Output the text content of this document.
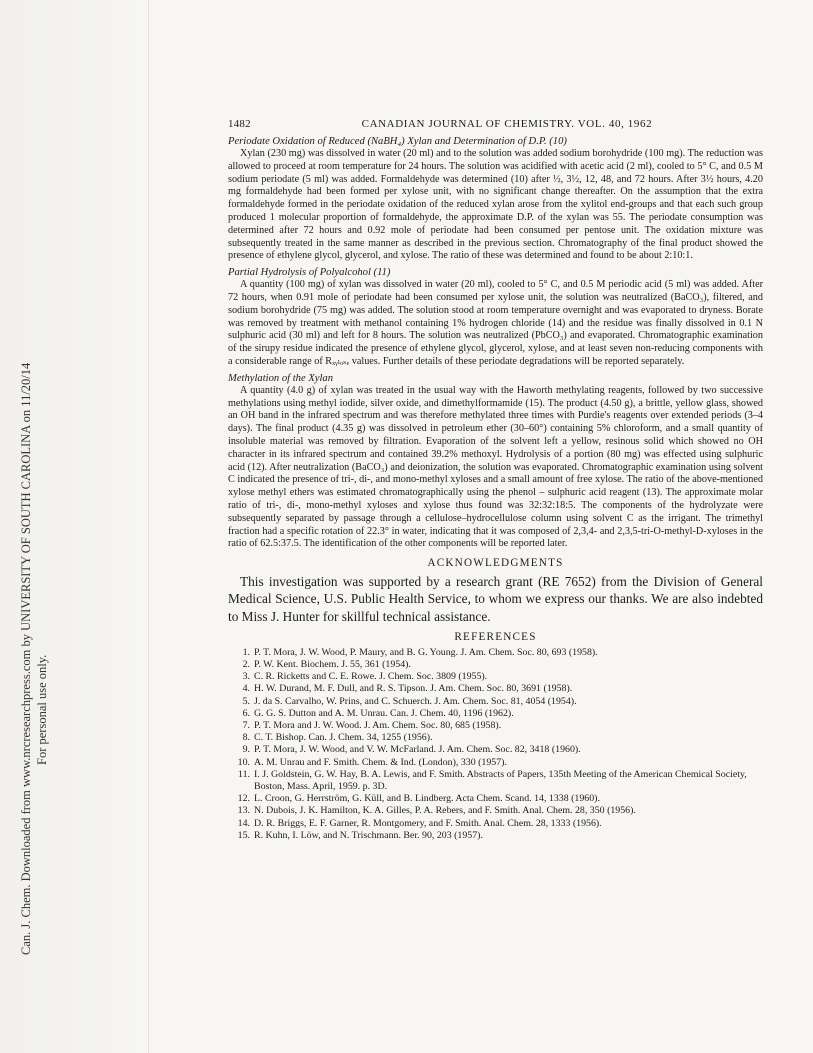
Can. J. Chem. Downloaded from www.nrcresearchpress.com by UNIVERSITY OF SOUTH CAROLINA on 11/20/14 For personal use only.
1482	CANADIAN JOURNAL OF CHEMISTRY. VOL. 40, 1962

Periodate Oxidation of Reduced (NaBH₄) Xylan and Determination of D.P. (10)

Xylan (230 mg) was dissolved in water (20 ml) and to the solution was added sodium borohydride (100 mg). The reduction was allowed to proceed at room temperature for 24 hours. The solution was acidified with acetic acid (2 ml), cooled to 5° C, and 0.5 M sodium periodate (5 ml) was added. Formaldehyde was determined (10) after ½, 3½, 12, 48, and 72 hours. After 3½ hours, 4.20 mg formaldehyde had been formed per xylose unit, with no significant change thereafter. On the assumption that the extra formaldehyde formed in the periodate oxidation of the reduced xylan arose from the xylitol end-groups and that each such group produced 1 molecular proportion of formaldehyde, the approximate D.P. of the xylan was 55. The periodate consumption was determined after 72 hours and 0.92 mole of periodate had been consumed per pentose unit. The oxidation mixture was subsequently treated in the same manner as described in the previous section. Chromatography of the final product showed the presence of ethylene glycol, glycerol, and xylose. The ratio of these was determined and found to be about 2:10:1.

Partial Hydrolysis of Polyalcohol (11)

A quantity (100 mg) of xylan was dissolved in water (20 ml), cooled to 5° C, and 0.5 M periodic acid (5 ml) was added. After 72 hours, when 0.91 mole of periodate had been consumed per xylose unit, the solution was neutralized (BaCO₃), filtered, and sodium borohydride (75 mg) was added. The solution stood at room temperature overnight and was evaporated to dryness. Borate was removed by treatment with methanol containing 1% hydrogen chloride (14) and the residue was finally dissolved in 0.1 N sulphuric acid (30 ml) and left for 8 hours. The solution was neutralized (PbCO₃) and evaporated. Chromatographic examination of the sirupy residue indicated the presence of ethylene glycol, glycerol, xylose, and at least seven non-reducing components with a considerable range of Rₓᵧₗₒₛₑ values. Further details of these periodate degradations will be reported separately.

Methylation of the Xylan

A quantity (4.0 g) of xylan was treated in the usual way with the Haworth methylating reagents, followed by two successive methylations using methyl iodide, silver oxide, and dimethylformamide (15). The product (4.50 g), a brittle, yellow glass, showed an OH band in the infrared spectrum and was therefore methylated three times with Purdie's reagents over extended periods (3–4 days). The final product (4.35 g) was dissolved in petroleum ether (30–60°) containing 5% chloroform, and a small quantity of insoluble material was removed by filtration. Evaporation of the solvent left a yellow, resinous solid which showed no OH character in its infrared spectrum and contained 39.2% methoxyl. Hydrolysis of a portion (80 mg) was effected using sulphuric acid (12). After neutralization (BaCO₃) and deionization, the solution was evaporated. Chromatographic examination using solvent C indicated the presence of tri-, di-, and mono-methyl xyloses and a small amount of free xylose. The ratio of the above-mentioned xylose methyl ethers was estimated chromatographically using the phenol – sulphuric acid reagent (13). The approximate molar ratio of tri-, di-, mono-methyl xyloses and xylose thus found was 32:32:18:5. The components of the hydrolyzate were subsequently separated by passage through a cellulose–hydrocellulose column using solvent C as the irrigant. The trimethyl fraction had a specific rotation of 22.3° in water, indicating that it was composed of 2,3,4- and 2,3,5-tri-O-methyl-D-xyloses in the ratio of 62.5:37.5. The identification of the other components will be reported later.

ACKNOWLEDGMENTS

This investigation was supported by a research grant (RE 7652) from the Division of General Medical Science, U.S. Public Health Service, to whom we express our thanks. We are also indebted to Miss J. Hunter for skillful technical assistance.

REFERENCES
1. P. T. Mora, J. W. Wood, P. Maury, and B. G. Young. J. Am. Chem. Soc. 80, 693 (1958).
2. P. W. Kent. Biochem. J. 55, 361 (1954).
3. C. R. Ricketts and C. E. Rowe. J. Chem. Soc. 3809 (1955).
4. H. W. Durand, M. F. Dull, and R. S. Tipson. J. Am. Chem. Soc. 80, 3691 (1958).
5. J. da S. Carvalho, W. Prins, and C. Schuerch. J. Am. Chem. Soc. 81, 4054 (1954).
6. G. G. S. Dutton and A. M. Unrau. Can. J. Chem. 40, 1196 (1962).
7. P. T. Mora and J. W. Wood. J. Am. Chem. Soc. 80, 685 (1958).
8. C. T. Bishop. Can. J. Chem. 34, 1255 (1956).
9. P. T. Mora, J. W. Wood, and V. W. McFarland. J. Am. Chem. Soc. 82, 3418 (1960).
10. A. M. Unrau and F. Smith. Chem. & Ind. (London), 330 (1957).
11. I. J. Goldstein, G. W. Hay, B. A. Lewis, and F. Smith. Abstracts of Papers, 135th Meeting of the American Chemical Society, Boston, Mass. April, 1959. p. 3D.
12. L. Croon, G. Herrström, G. Küll, and B. Lindberg. Acta Chem. Scand. 14, 1338 (1960).
13. N. Dubois, J. K. Hamilton, K. A. Gilles, P. A. Rebers, and F. Smith. Anal. Chem. 28, 350 (1956).
14. D. R. Briggs, E. F. Garner, R. Montgomery, and F. Smith. Anal. Chem. 28, 1333 (1956).
15. R. Kuhn, I. Löw, and N. Trischmann. Ber. 90, 203 (1957).
